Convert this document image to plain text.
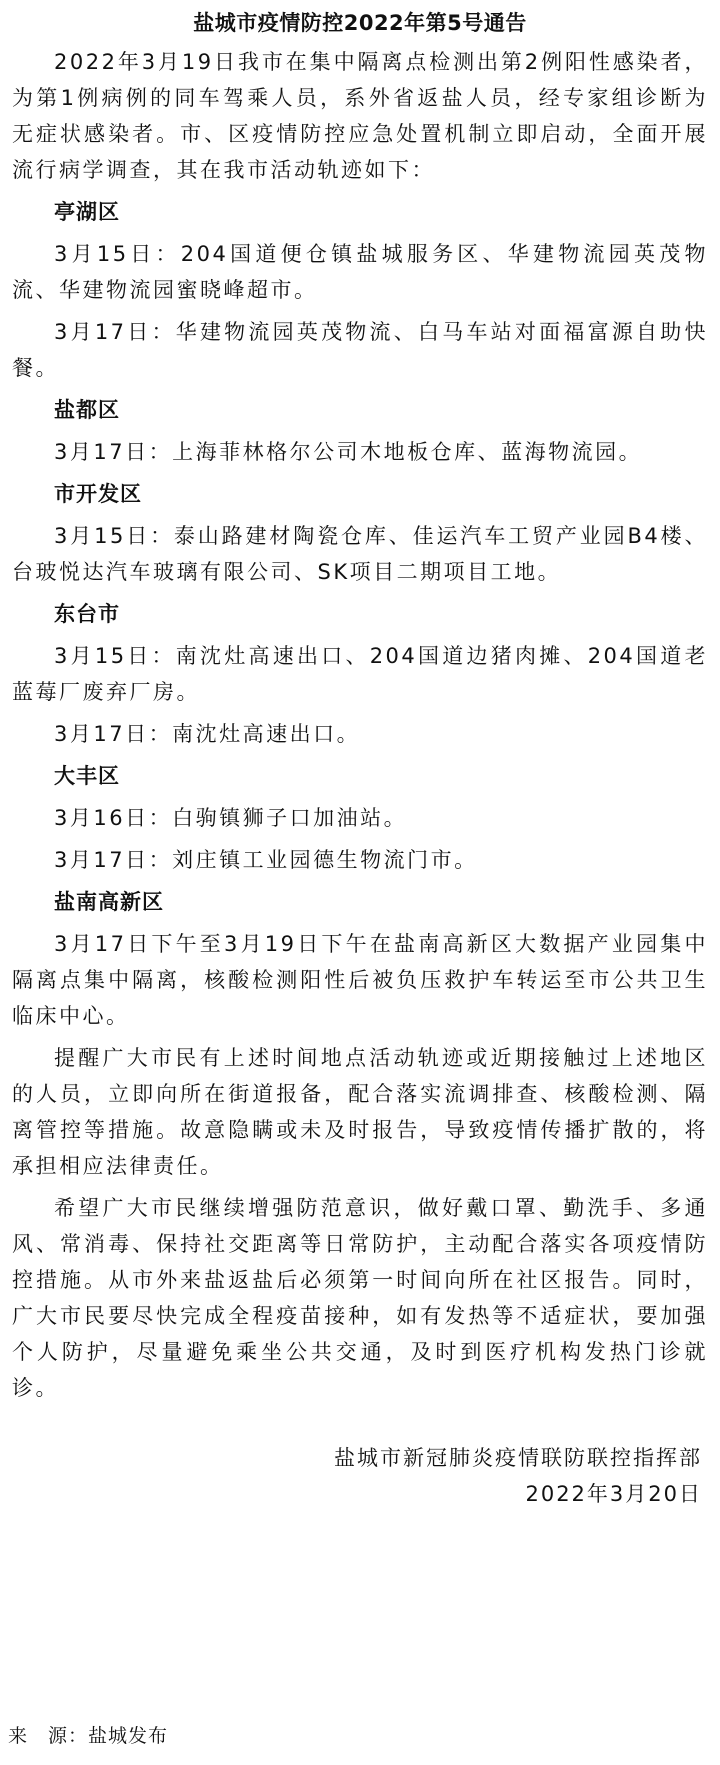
盐城市疫情防控2022年第5号通告

2022年3月19日我市在集中隔离点检测出第2例阳性感染者，为第1例病例的同车驾乘人员，系外省返盐人员，经专家组诊断为无症状感染者。市、区疫情防控应急处置机制立即启动，全面开展流行病学调查，其在我市活动轨迹如下：

亭湖区

3月15日：204国道便仓镇盐城服务区、华建物流园英茂物流、华建物流园蜜晓峰超市。

3月17日：华建物流园英茂物流、白马车站对面福富源自助快餐。

盐都区

3月17日：上海菲林格尔公司木地板仓库、蓝海物流园。

市开发区

3月15日：泰山路建材陶瓷仓库、佳运汽车工贸产业园B4楼、台玻悦达汽车玻璃有限公司、SK项目二期项目工地。

东台市

3月15日：南沈灶高速出口、204国道边猪肉摊、204国道老蓝莓厂废弃厂房。

3月17日：南沈灶高速出口。

大丰区

3月16日：白驹镇狮子口加油站。

3月17日：刘庄镇工业园德生物流门市。

盐南高新区

3月17日下午至3月19日下午在盐南高新区大数据产业园集中隔离点集中隔离，核酸检测阳性后被负压救护车转运至市公共卫生临床中心。

提醒广大市民有上述时间地点活动轨迹或近期接触过上述地区的人员，立即向所在街道报备，配合落实流调排查、核酸检测、隔离管控等措施。故意隐瞒或未及时报告，导致疫情传播扩散的，将承担相应法律责任。

希望广大市民继续增强防范意识，做好戴口罩、勤洗手、多通风、常消毒、保持社交距离等日常防护，主动配合落实各项疫情防控措施。从市外来盐返盐后必须第一时间向所在社区报告。同时，广大市民要尽快完成全程疫苗接种，如有发热等不适症状，要加强个人防护，尽量避免乘坐公共交通，及时到医疗机构发热门诊就诊。

盐城市新冠肺炎疫情联防联控指挥部
2022年3月20日
来　源：盐城发布
